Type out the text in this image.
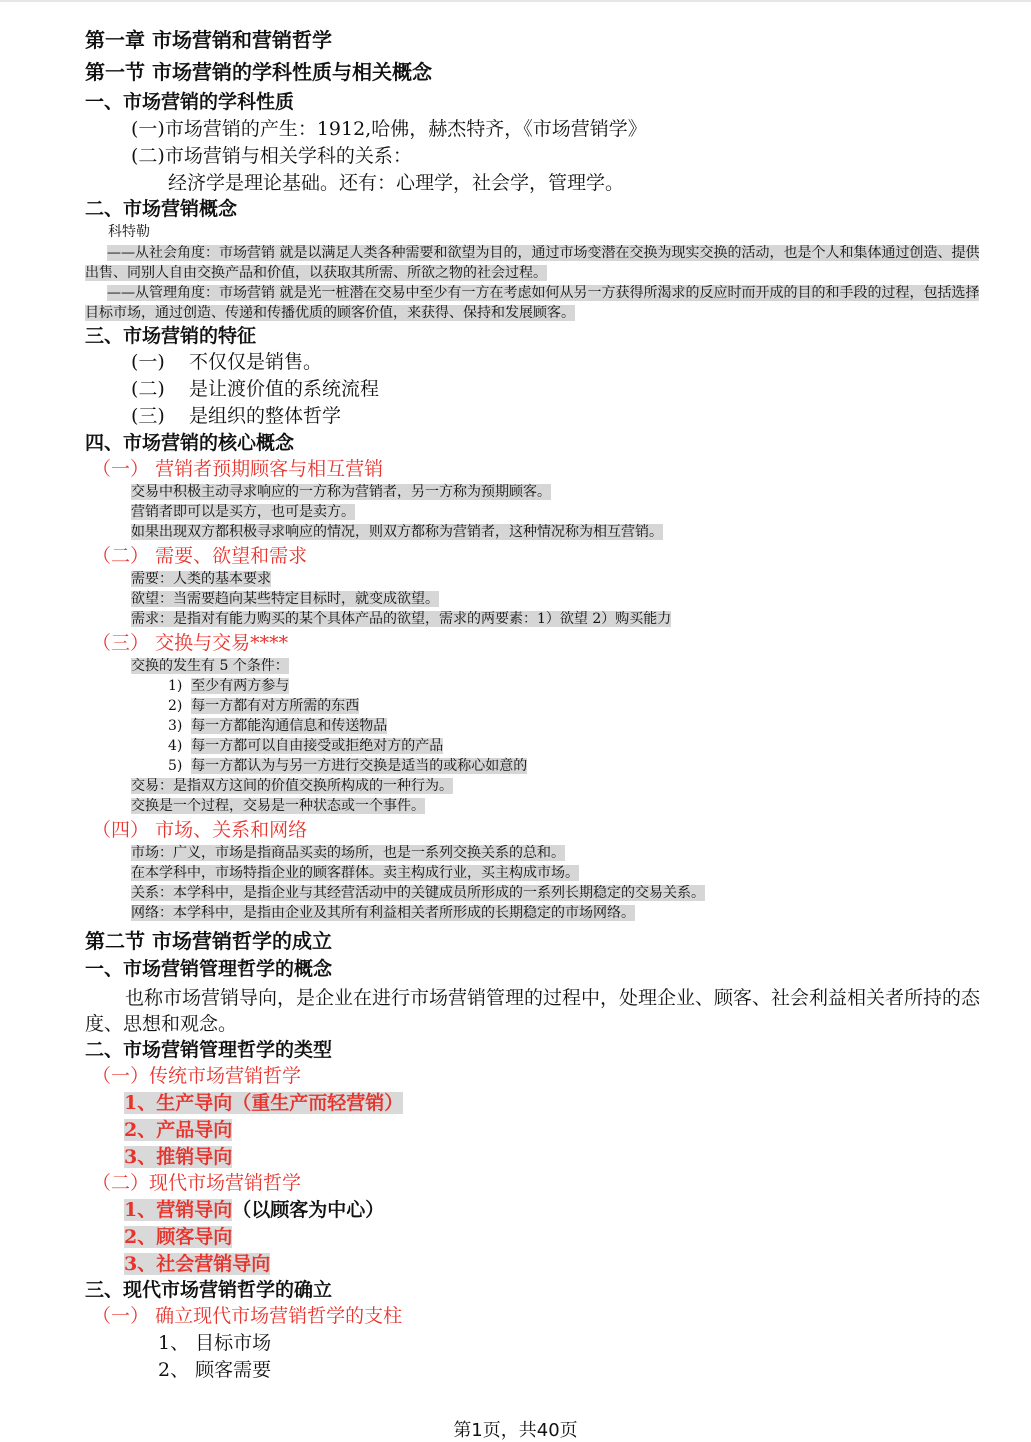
第一章 市场营销和营销哲学
第一节 市场营销的学科性质与相关概念
一、市场营销的学科性质
(一)市场营销的产生：1912,哈佛，赫杰特齐，《市场营销学》
(二)市场营销与相关学科的关系：
经济学是理论基础。还有：心理学，社会学，管理学。
二、市场营销概念
科特勒
——从社会角度：市场营销 就是以满足人类各种需要和欲望为目的，通过市场变潜在交换为现实交换的活动，也是个人和集体通过创造、提供出售、同别人自由交换产品和价值，以获取其所需、所欲之物的社会过程。
——从管理角度：市场营销 就是光一桩潜在交易中至少有一方在考虑如何从另一方获得所渴求的反应时而开成的目的和手段的过程，包括选择目标市场，通过创造、传递和传播优质的顾客价值，来获得、保持和发展顾客。
三、市场营销的特征
(一) 不仅仅是销售。
(二) 是让渡价值的系统流程
(三) 是组织的整体哲学
四、市场营销的核心概念
（一） 营销者预期顾客与相互营销
交易中积极主动寻求响应的一方称为营销者，另一方称为预期顾客。
营销者即可以是买方，也可是卖方。
如果出现双方都积极寻求响应的情况，则双方都称为营销者，这种情况称为相互营销。
（二） 需要、欲望和需求
需要：人类的基本要求
欲望：当需要趋向某些特定目标时，就变成欲望。
需求：是指对有能力购买的某个具体产品的欲望，需求的两要素：1）欲望 2）购买能力
（三） 交换与交易****
交换的发生有 5 个条件：
1) 至少有两方参与
2) 每一方都有对方所需的东西
3) 每一方都能沟通信息和传送物品
4) 每一方都可以自由接受或拒绝对方的产品
5) 每一方都认为与另一方进行交换是适当的或称心如意的
交易：是指双方这间的价值交换所构成的一种行为。
交换是一个过程，交易是一种状态或一个事件。
（四） 市场、关系和网络
市场：广义，市场是指商品买卖的场所，也是一系列交换关系的总和。
在本学科中，市场特指企业的顾客群体。卖主构成行业，买主构成市场。
关系：本学科中，是指企业与其经营活动中的关键成员所形成的一系列长期稳定的交易关系。
网络：本学科中，是指由企业及其所有利益相关者所形成的长期稳定的市场网络。
第二节 市场营销哲学的成立
一、市场营销管理哲学的概念
也称市场营销导向，是企业在进行市场营销管理的过程中，处理企业、顾客、社会利益相关者所持的态度、思想和观念。
二、市场营销管理哲学的类型
（一）传统市场营销哲学
1、生产导向（重生产而轻营销）
2、产品导向
3、推销导向
（二）现代市场营销哲学
1、营销导向（以顾客为中心）
2、顾客导向
3、社会营销导向
三、现代市场营销哲学的确立
（一） 确立现代市场营销哲学的支柱
1、 目标市场
2、 顾客需要
第1页，共40页
